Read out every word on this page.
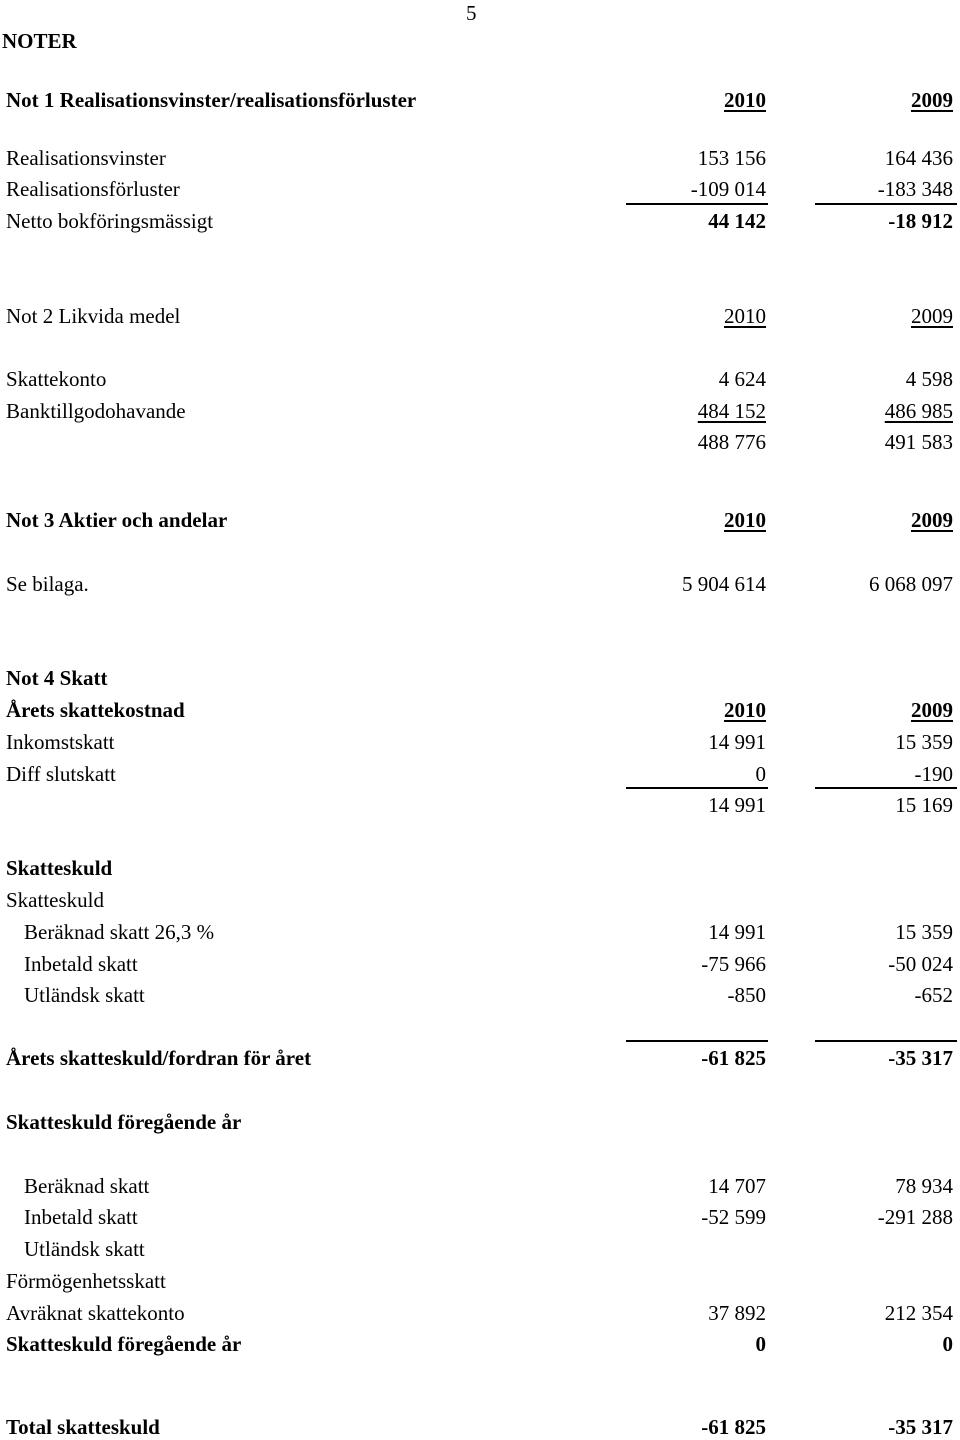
5
NOTER
Not 1 Realisationsvinster/realisationsförluster	2010	2009
Realisationsvinster	153 156	164 436
Realisationsförluster	-109 014	-183 348
Netto bokföringsmässigt	44 142	-18 912
Not 2 Likvida medel	2010	2009
Skattekonto	4 624	4 598
Banktillgodohavande	484 152	486 985
488 776	491 583
Not 3 Aktier och andelar	2010	2009
Se bilaga.	5 904 614	6 068 097
Not 4 Skatt
Årets skattekostnad	2010	2009
Inkomstskatt	14 991	15 359
Diff slutskatt	0	-190
14 991	15 169
Skatteskuld
Skatteskuld
Beräknad skatt 26,3 %	14 991	15 359
Inbetald skatt	-75 966	-50 024
Utländsk skatt	-850	-652
Årets skatteskuld/fordran för året	-61 825	-35 317
Skatteskuld föregående år
Beräknad skatt	14 707	78 934
Inbetald skatt	-52 599	-291 288
Utländsk skatt
Förmögenhetsskatt
Avräknat skattekonto	37 892	212 354
Skatteskuld föregående år	0	0
Total skatteskuld	-61 825	-35 317
